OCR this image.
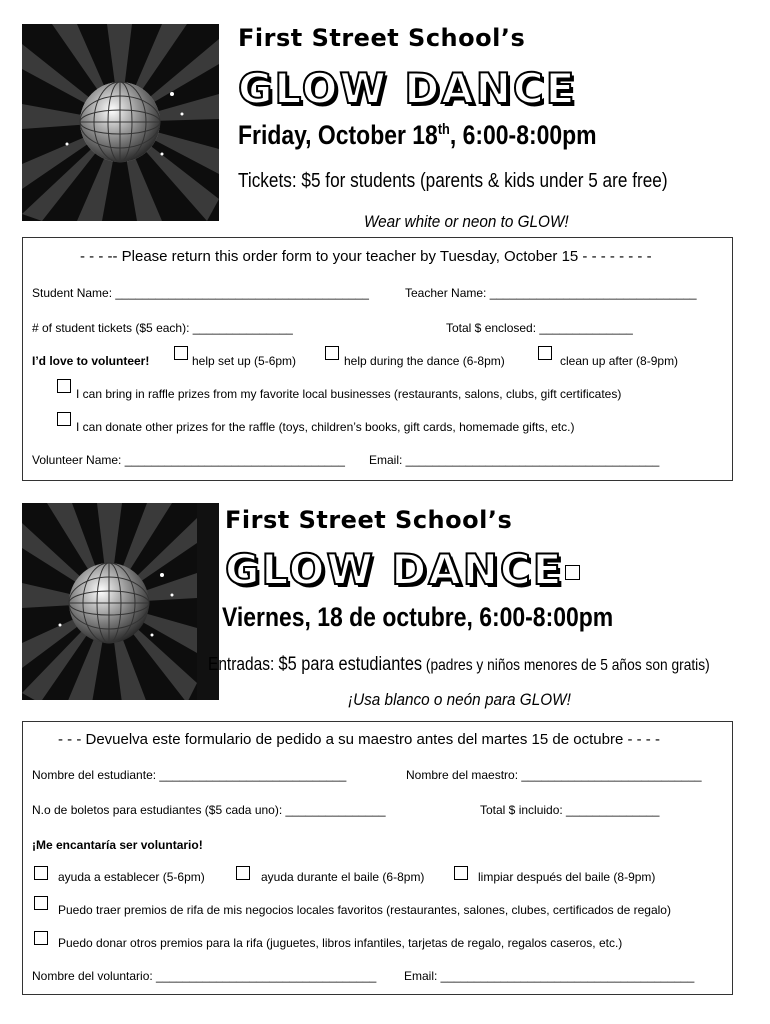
First Street School’s
GLOW DANCE
Friday, October 18th, 6:00-8:00pm
Tickets: $5 for students (parents & kids under 5 are free)
Wear white or neon to GLOW!
- - - -- Please return this order form to your teacher by Tuesday, October 15 - - - - - - - -
Student Name: ______________________________________	Teacher Name: _______________________________
# of student tickets ($5 each): _______________	Total $ enclosed: ______________
I’d love to volunteer!	help set up (5-6pm)	help during the dance (6-8pm)	clean up after (8-9pm)
I can bring in raffle prizes from my favorite local businesses (restaurants, salons, clubs, gift certificates)
I can donate other prizes for the raffle (toys, children’s books, gift cards, homemade gifts, etc.)
Volunteer Name: _________________________________ Email: ______________________________________
First Street School’s
GLOW DANCE
Viernes, 18 de octubre, 6:00-8:00pm
Entradas: $5 para estudiantes (padres y niños menores de 5 años son gratis)
¡Usa blanco o neón para GLOW!
- - - Devuelva este formulario de pedido a su maestro antes del martes 15 de octubre - - - -
Nombre del estudiante: ____________________________	Nombre del maestro: ___________________________
N.o de boletos para estudiantes ($5 cada uno): _______________	Total $ incluido: ______________
¡Me encantaría ser voluntario!
ayuda a establecer (5-6pm)	ayuda durante el baile (6-8pm)	limpiar después del baile (8-9pm)
Puedo traer premios de rifa de mis negocios locales favoritos (restaurantes, salones, clubes, certificados de regalo)
Puedo donar otros premios para la rifa (juguetes, libros infantiles, tarjetas de regalo, regalos caseros, etc.)
Nombre del voluntario: _________________________________ Email: ______________________________________
